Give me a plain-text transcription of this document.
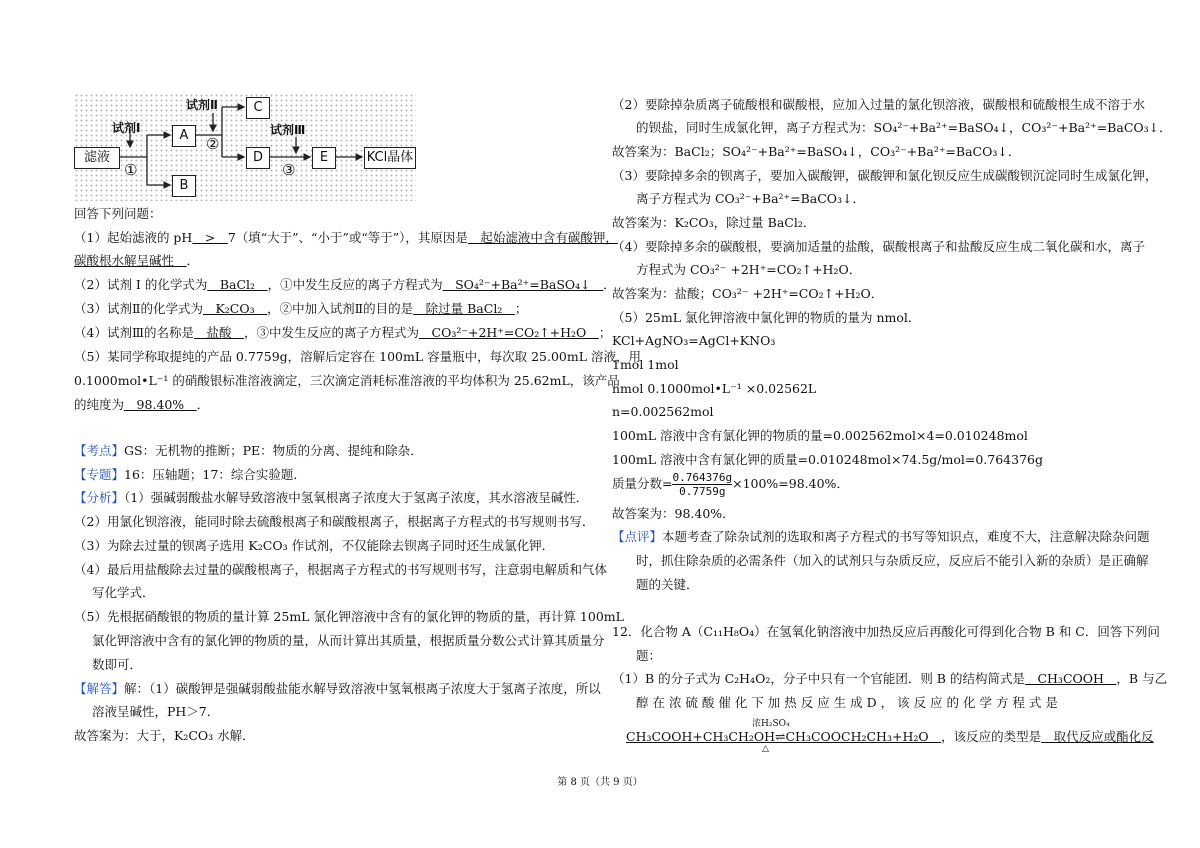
滤液
A
B
C
D	E	KCl晶体
试剂Ⅰ
试剂Ⅱ
试剂Ⅲ
①
②
③
回答下列问题：
（1）起始滤液的 pH　>　7（填“大于”、“小于”或“等于”），其原因是　起始滤液中含有碳酸钾，
碳酸根水解呈碱性　．
（2）试剂 I 的化学式为　BaCl₂　，①中发生反应的离子方程式为　SO₄²⁻+Ba²⁺=BaSO₄↓　．
（3）试剂Ⅱ的化学式为　K₂CO₃　，②中加入试剂Ⅱ的目的是　除过量 BaCl₂　；
（4）试剂Ⅲ的名称是　盐酸　，③中发生反应的离子方程式为　CO₃²⁻+2H⁺=CO₂↑+H₂O　；
（5）某同学称取提纯的产品 0.7759g，溶解后定容在 100mL 容量瓶中，每次取 25.00mL 溶液，用
0.1000mol•L⁻¹ 的硝酸银标准溶液滴定，三次滴定消耗标准溶液的平均体积为 25.62mL，该产品
的纯度为　98.40%　．
【考点】GS：无机物的推断；PE：物质的分离、提纯和除杂．
【专题】16：压轴题；17：综合实验题．
【分析】（1）强碱弱酸盐水解导致溶液中氢氧根离子浓度大于氢离子浓度，其水溶液呈碱性．
（2）用氯化钡溶液，能同时除去硫酸根离子和碳酸根离子，根据离子方程式的书写规则书写．
（3）为除去过量的钡离子选用 K₂CO₃ 作试剂，不仅能除去钡离子同时还生成氯化钾．
（4）最后用盐酸除去过量的碳酸根离子，根据离子方程式的书写规则书写，注意弱电解质和气体
写化学式．
（5）先根据硝酸银的物质的量计算 25mL 氯化钾溶液中含有的氯化钾的物质的量，再计算 100mL
氯化钾溶液中含有的氯化钾的物质的量，从而计算出其质量，根据质量分数公式计算其质量分
数即可．
【解答】解：（1）碳酸钾是强碱弱酸盐能水解导致溶液中氢氧根离子浓度大于氢离子浓度，所以
溶液呈碱性，PH＞7．
故答案为：大于，K₂CO₃ 水解．
（2）要除掉杂质离子硫酸根和碳酸根，应加入过量的氯化钡溶液，碳酸根和硫酸根生成不溶于水
的钡盐，同时生成氯化钾，离子方程式为：SO₄²⁻+Ba²⁺=BaSO₄↓，CO₃²⁻+Ba²⁺=BaCO₃↓．
故答案为：BaCl₂；SO₄²⁻+Ba²⁺=BaSO₄↓，CO₃²⁻+Ba²⁺=BaCO₃↓．
（3）要除掉多余的钡离子，要加入碳酸钾，碳酸钾和氯化钡反应生成碳酸钡沉淀同时生成氯化钾，
离子方程式为 CO₃²⁻+Ba²⁺=BaCO₃↓．
故答案为：K₂CO₃，除过量 BaCl₂．
（4）要除掉多余的碳酸根，要滴加适量的盐酸，碳酸根离子和盐酸反应生成二氧化碳和水，离子
方程式为 CO₃²⁻ +2H⁺=CO₂↑+H₂O．
故答案为：盐酸；CO₃²⁻ +2H⁺=CO₂↑+H₂O．
（5）25mL 氯化钾溶液中氯化钾的物质的量为 nmol．
KCl+AgNO₃=AgCl+KNO₃
1mol 1mol
nmol 0.1000mol•L⁻¹ ×0.02562L
n=0.002562mol
100mL 溶液中含有氯化钾的物质的量=0.002562mol×4=0.010248mol
100mL 溶液中含有氯化钾的质量=0.010248mol×74.5g/mol=0.764376g
质量分数= $\frac{0.764376g}{0.7759g} \times 100\%=98.40\%$．
故答案为：98.40%．
【点评】本题考查了除杂试剂的选取和离子方程式的书写等知识点，难度不大，注意解决除杂问题
时，抓住除杂质的必需条件（加入的试剂只与杂质反应，反应后不能引入新的杂质）是正确解
题的关键．
12．化合物 A（C₁₁H₈O₄）在氢氧化钠溶液中加热反应后再酸化可得到化合物 B 和 C．回答下列问
题：
（1）B 的分子式为 C₂H₄O₂，分子中只有一个官能团．则 B 的结构简式是　CH₃COOH　，B 与乙
醇 在 浓 硫 酸 催 化 下 加 热 反 应 生 成 D ， 该 反 应 的 化 学 方 程 式 是
CH₃COOH+CH₃CH₂OH⇌CH₃COOCH₂CH₃+H₂O　，该反应的类型是　取代反应或酯化反
浓H₂SO₄
△
第 8 页（共 9 页）
